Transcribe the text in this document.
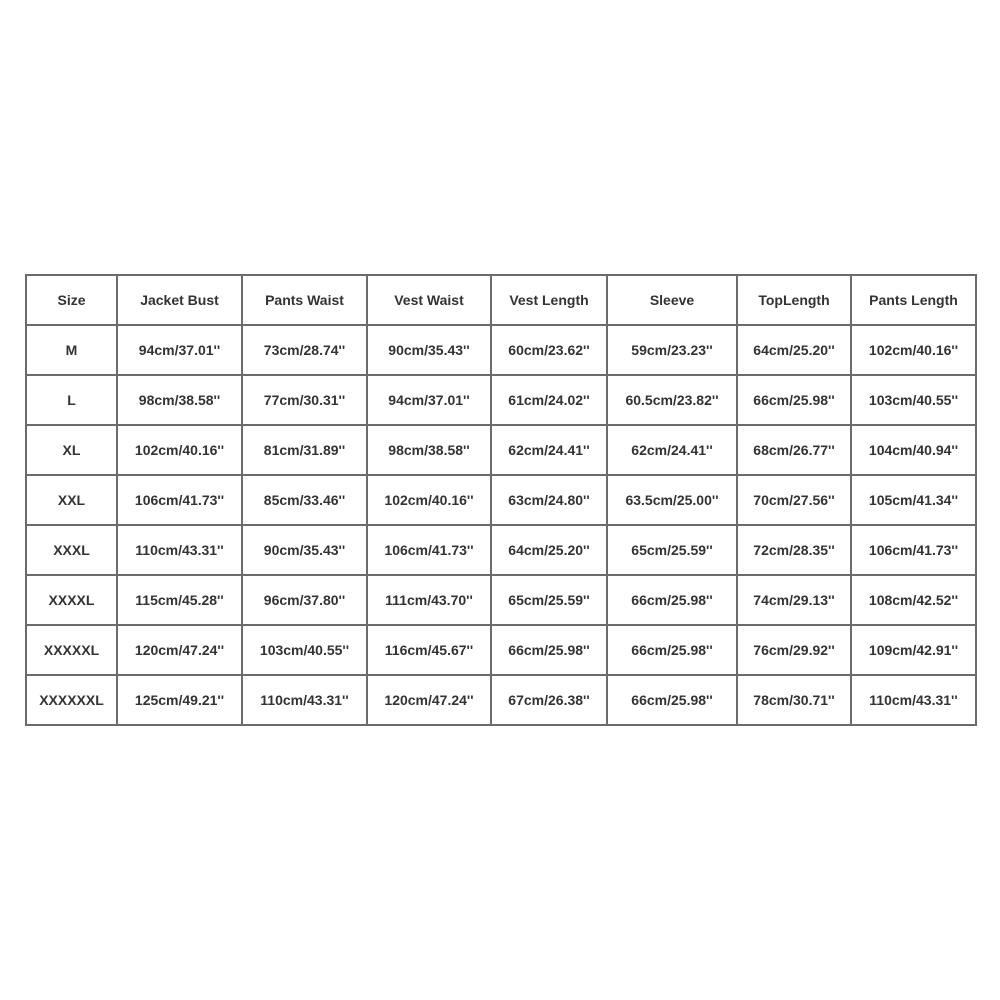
Size	Jacket Bust	Pants Waist	Vest Waist	Vest Length	Sleeve	TopLength	Pants Length
M	94cm/37.01''	73cm/28.74''	90cm/35.43''	60cm/23.62''	59cm/23.23''	64cm/25.20''	102cm/40.16''
L	98cm/38.58''	77cm/30.31''	94cm/37.01''	61cm/24.02''	60.5cm/23.82''	66cm/25.98''	103cm/40.55''
XL	102cm/40.16''	81cm/31.89''	98cm/38.58''	62cm/24.41''	62cm/24.41''	68cm/26.77''	104cm/40.94''
XXL	106cm/41.73''	85cm/33.46''	102cm/40.16''	63cm/24.80''	63.5cm/25.00''	70cm/27.56''	105cm/41.34''
XXXL	110cm/43.31''	90cm/35.43''	106cm/41.73''	64cm/25.20''	65cm/25.59''	72cm/28.35''	106cm/41.73''
XXXXL	115cm/45.28''	96cm/37.80''	111cm/43.70''	65cm/25.59''	66cm/25.98''	74cm/29.13''	108cm/42.52''
XXXXXL	120cm/47.24''	103cm/40.55''	116cm/45.67''	66cm/25.98''	66cm/25.98''	76cm/29.92''	109cm/42.91''
XXXXXXL	125cm/49.21''	110cm/43.31''	120cm/47.24''	67cm/26.38''	66cm/25.98''	78cm/30.71''	110cm/43.31''
